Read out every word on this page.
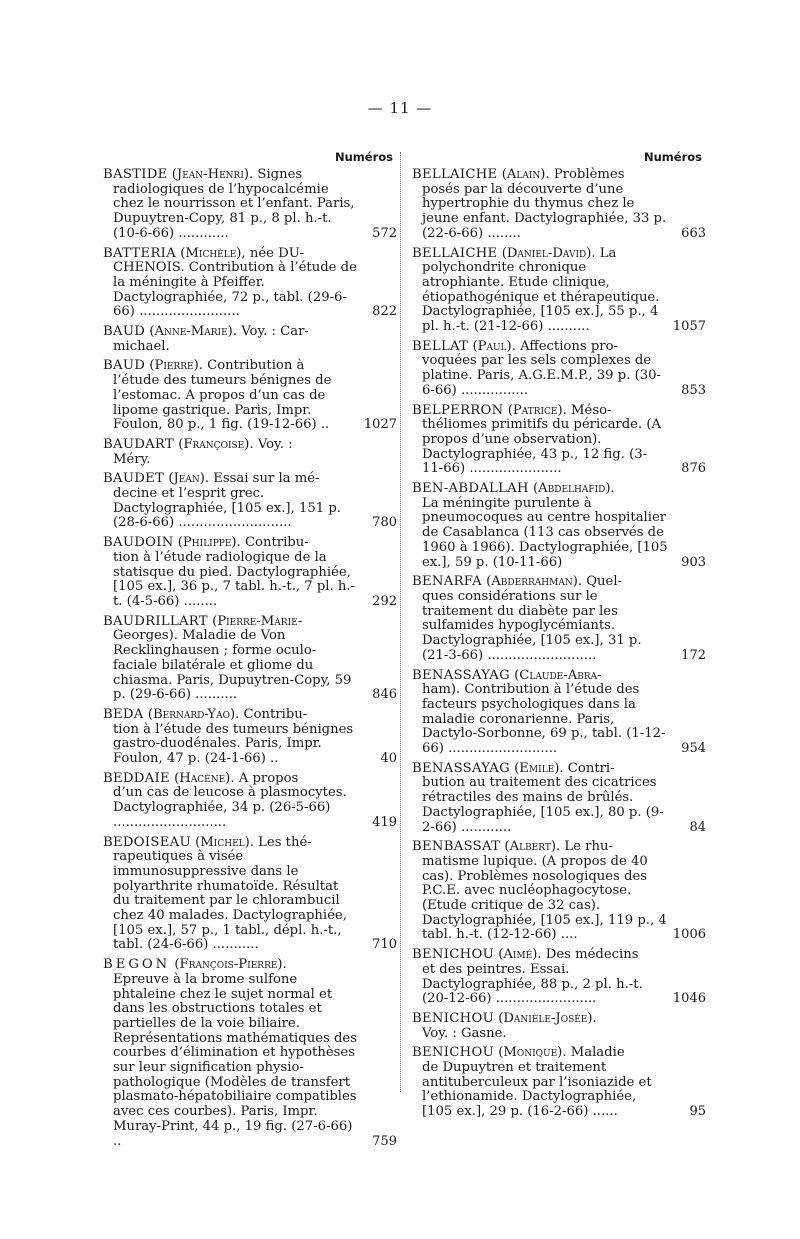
— 11 —
Numéros
BASTIDE (Jean-Henri). Signes
radiologiques de l’hypocalcémie chez le nourrisson et l’enfant. Paris, Dupuytren-Copy, 81 p., 8 pl. h.-t. (10-6-66) ............	572
BATTERIA (Michèle), née DU-
CHENOIS. Contribution à l’étude de la méningite à Pfeiffer. Dactylographiée, 72 p., tabl. (29-6-66) ........................	822
BAUD (Anne-Marie). Voy. : Car-
michael.
BAUD (Pierre). Contribution à
l’étude des tumeurs bénignes de l’estomac. A propos d’un cas de lipome gastrique. Paris, Impr. Foulon, 80 p., 1 fig. (19-12-66) ..	1027
BAUDART (Françoise). Voy. :
Méry.
BAUDET (Jean). Essai sur la mé-
decine et l’esprit grec. Dactylographiée, [105 ex.], 151 p. (28-6-66) ...........................	780
BAUDOIN (Philippe). Contribu-
tion à l’étude radiologique de la statisque du pied. Dactylographiée, [105 ex.], 36 p., 7 tabl. h.-t., 7 pl. h.-t. (4-5-66) ........	292
BAUDRILLART (Pierre-Marie-
Georges). Maladie de Von Recklinghausen ; forme oculo-faciale bilatérale et gliome du chiasma. Paris, Dupuytren-Copy, 59 p. (29-6-66) ..........	846
BEDA (Bernard-Yao). Contribu-
tion à l’étude des tumeurs bénignes gastro-duodénales. Paris, Impr. Foulon, 47 p. (24-1-66) ..	40
BEDDAIE (Hacène). A propos
d’un cas de leucose à plasmocytes. Dactylographiée, 34 p. (26-5-66) ...........................	419
BEDOISEAU (Michel). Les thé-
rapeutiques à visée immunosuppressive dans le polyarthrite rhumatoïde. Résultat du traitement par le chlorambucil chez 40 malades. Dactylographiée, [105 ex.], 57 p., 1 tabl., dépl. h.-t., tabl. (24-6-66) ...........	710
BEGON (François-Pierre).
Epreuve à la brome sulfone phtaleine chez le sujet normal et dans les obstructions totales et partielles de la voie biliaire. Représentations mathématiques des courbes d’élimination et hypothèses sur leur signification physio-pathologique (Modèles de transfert plasmato-hépatobiliaire compatibles avec ces courbes). Paris, Impr. Muray-Print, 44 p., 19 fig. (27-6-66) ..	759
Numéros
BELLAICHE (Alain). Problèmes
posés par la découverte d’une hypertrophie du thymus chez le jeune enfant. Dactylographiée, 33 p. (22-6-66) ........	663
BELLAICHE (Daniel-David). La
polychondrite chronique atrophiante. Etude clinique, étiopathogénique et thérapeutique. Dactylographiée, [105 ex.], 55 p., 4 pl. h.-t. (21-12-66) ..........	1057
BELLAT (Paul). Affections pro-
voquées par les sels complexes de platine. Paris, A.G.E.M.P., 39 p. (30-6-66) ................	853
BELPERRON (Patrice). Méso-
théliomes primitifs du péricarde. (A propos d’une observation). Dactylographiée, 43 p., 12 fig. (3-11-66) ......................	876
BEN-ABDALLAH (Abdelhafid).
La méningite purulente à pneumocoques au centre hospitalier de Casablanca (113 cas observés de 1960 à 1966). Dactylographiée, [105 ex.], 59 p. (10-11-66)	903
BENARFA (Abderrahman). Quel-
ques considérations sur le traitement du diabète par les sulfamides hypoglycémiants. Dactylographiée, [105 ex.], 31 p. (21-3-66) ..........................	172
BENASSAYAG (Claude-Abra-
ham). Contribution à l’étude des facteurs psychologiques dans la maladie coronarienne. Paris, Dactylo-Sorbonne, 69 p., tabl. (1-12-66) ..........................	954
BENASSAYAG (Emile). Contri-
bution au traitement des cicatrices rétractiles des mains de brûlés. Dactylographiée, [105 ex.], 80 p. (9-2-66) ............	84
BENBASSAT (Albert). Le rhu-
matisme lupique. (A propos de 40 cas). Problèmes nosologiques des P.C.E. avec nucléophagocytose. (Etude critique de 32 cas). Dactylographiée, [105 ex.], 119 p., 4 tabl. h.-t. (12-12-66) ....	1006
BENICHOU (Aimé). Des médecins
et des peintres. Essai. Dactylographiée, 88 p., 2 pl. h.-t. (20-12-66) ........................	1046
BENICHOU (Danièle-Josée).
Voy. : Gasne.
BENICHOU (Monique). Maladie
de Dupuytren et traitement antituberculeux par l’isoniazide et l’ethionamide. Dactylographiée, [105 ex.], 29 p. (16-2-66) ......	95
